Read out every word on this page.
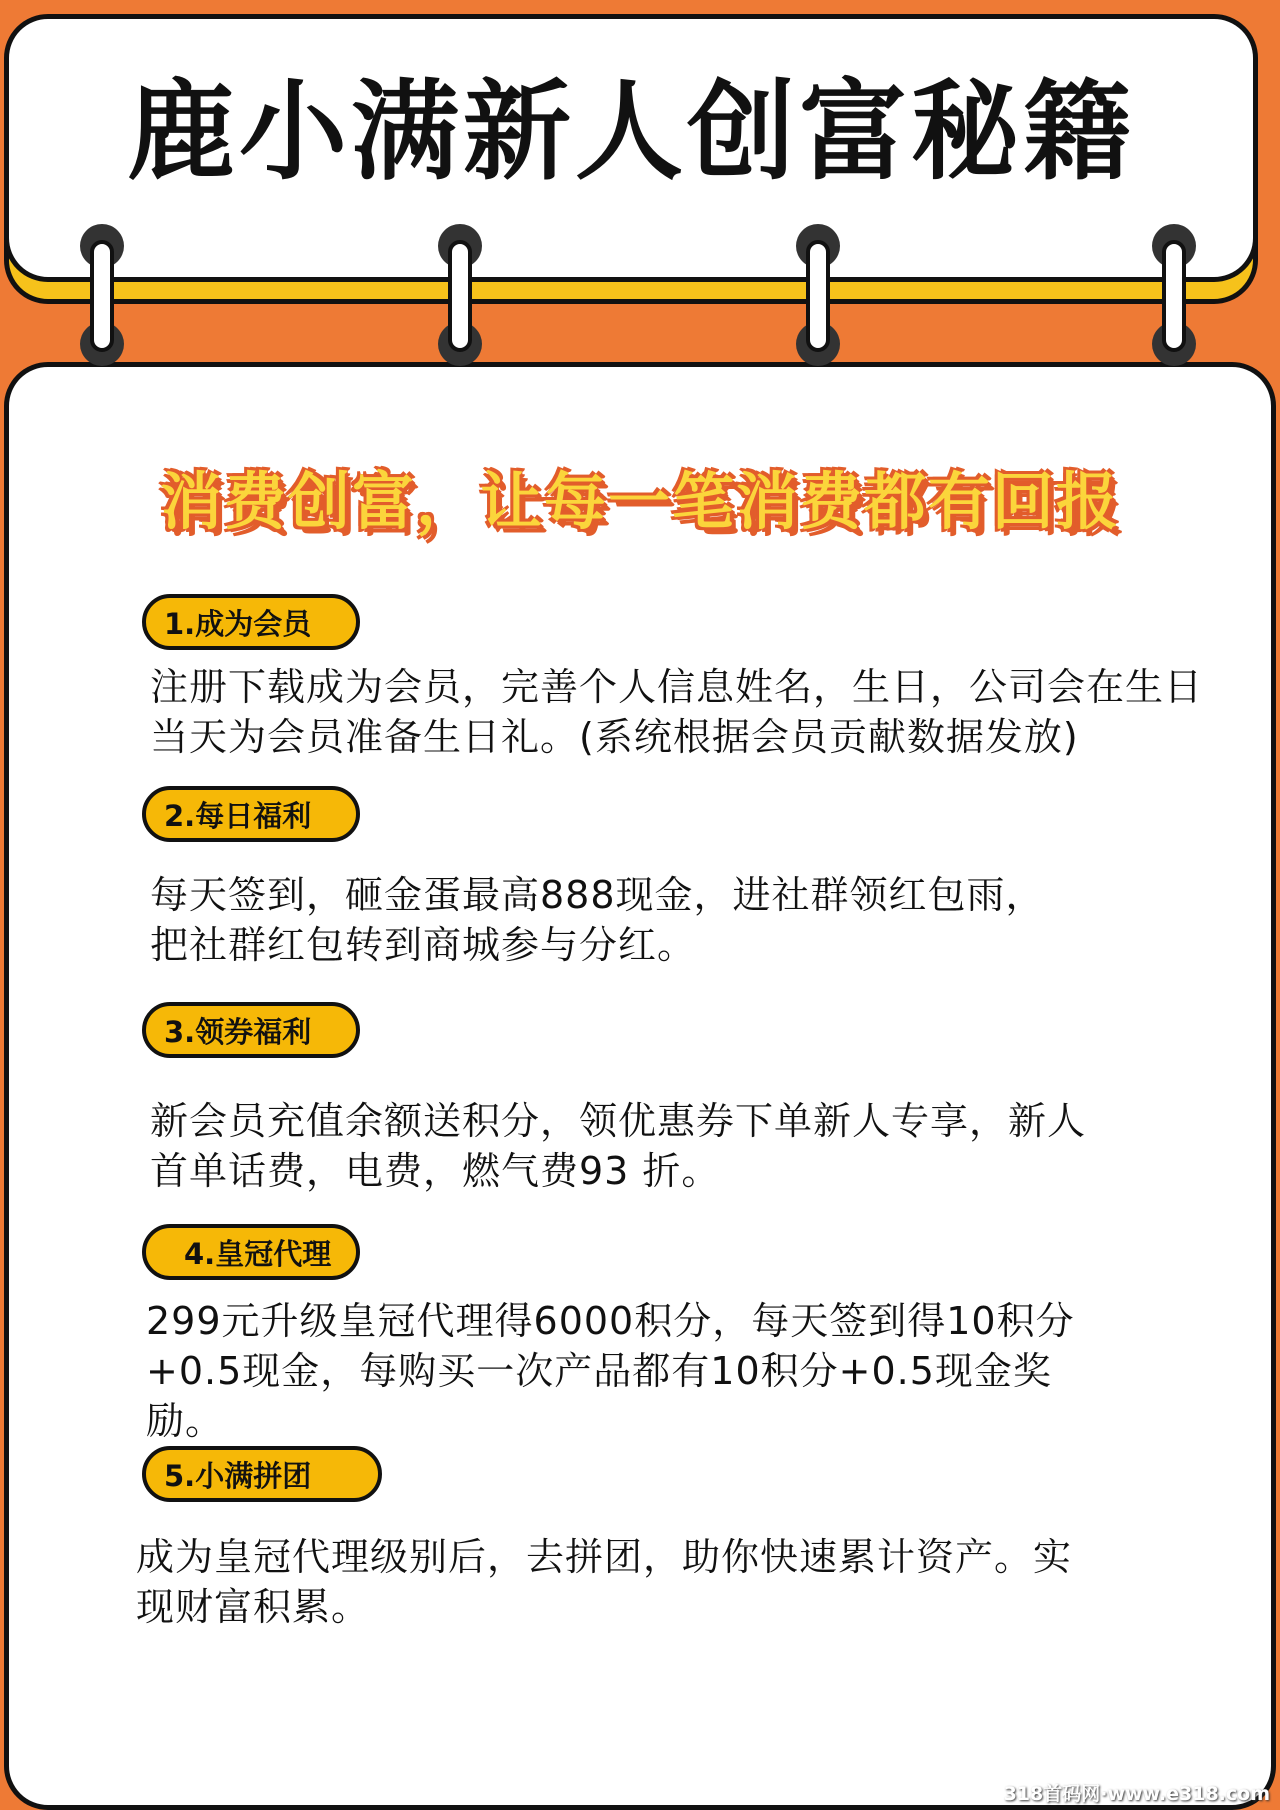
鹿小满新人创富秘籍
消费创富，让每一笔消费都有回报
1.成为会员
注册下载成为会员，完善个人信息姓名，生日，公司会在生日当天为会员准备生日礼。(系统根据会员贡献数据发放)
2.每日福利
每天签到，砸金蛋最高888现金，进社群领红包雨，把社群红包转到商城参与分红。
3.领券福利
新会员充值余额送积分，领优惠券下单新人专享，新人首单话费，电费，燃气费93 折。
4.皇冠代理
299元升级皇冠代理得6000积分，每天签到得10积分+0.5现金，每购买一次产品都有10积分+0.5现金奖励。
5.小满拼团
成为皇冠代理级别后，去拼团，助你快速累计资产。实现财富积累。
318首码网·www.e318.com
